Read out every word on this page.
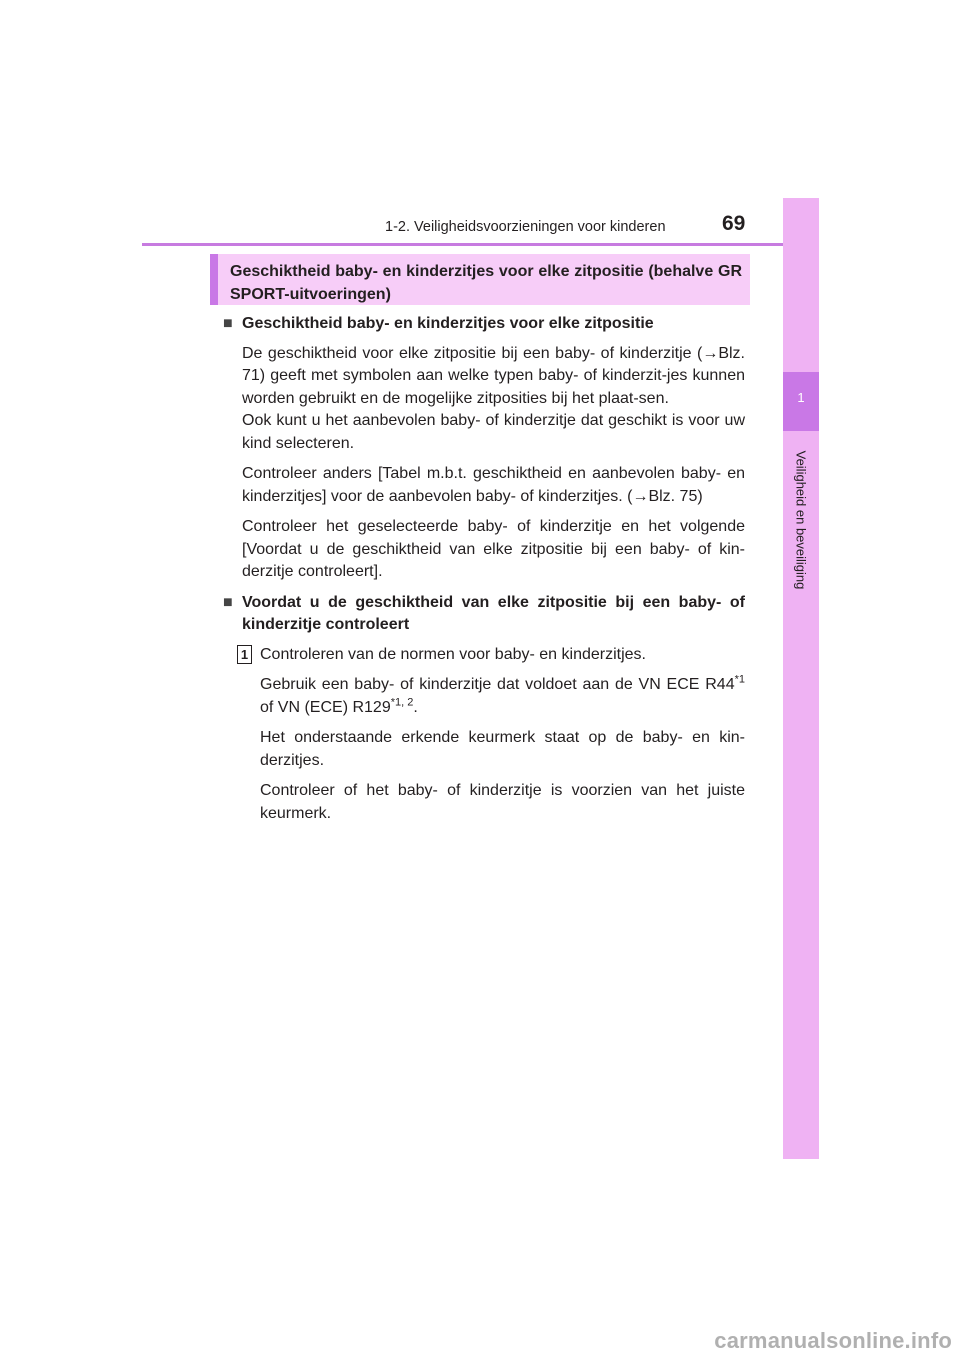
1-2. Veiligheidsvoorzieningen voor kinderen	69
1
Veiligheid en beveiliging
Geschiktheid baby- en kinderzitjes voor elke zitpositie (behalve GR SPORT-uitvoeringen)
■ Geschiktheid baby- en kinderzitjes voor elke zitpositie

De geschiktheid voor elke zitpositie bij een baby- of kinderzitje (→Blz. 71) geeft met symbolen aan welke typen baby- of kinderzit-jes kunnen worden gebruikt en de mogelijke zitposities bij het plaat-sen.
Ook kunt u het aanbevolen baby- of kinderzitje dat geschikt is voor uw kind selecteren.

Controleer anders [Tabel m.b.t. geschiktheid en aanbevolen baby- en kinderzitjes] voor de aanbevolen baby- of kinderzitjes. (→Blz. 75)

Controleer het geselecteerde baby- of kinderzitje en het volgende [Voordat u de geschiktheid van elke zitpositie bij een baby- of kin-derzitje controleert].

■ Voordat u de geschiktheid van elke zitpositie bij een baby- of kinderzitje controleert
1 Controleren van de normen voor baby- en kinderzitjes.

Gebruik een baby- of kinderzitje dat voldoet aan de VN ECE R44$^{*1}$ of VN (ECE) R129$^{*1, 2}$.

Het onderstaande erkende keurmerk staat op de baby- en kin-derzitjes.

Controleer of het baby- of kinderzitje is voorzien van het juiste keurmerk.

carmanualsonline.info
